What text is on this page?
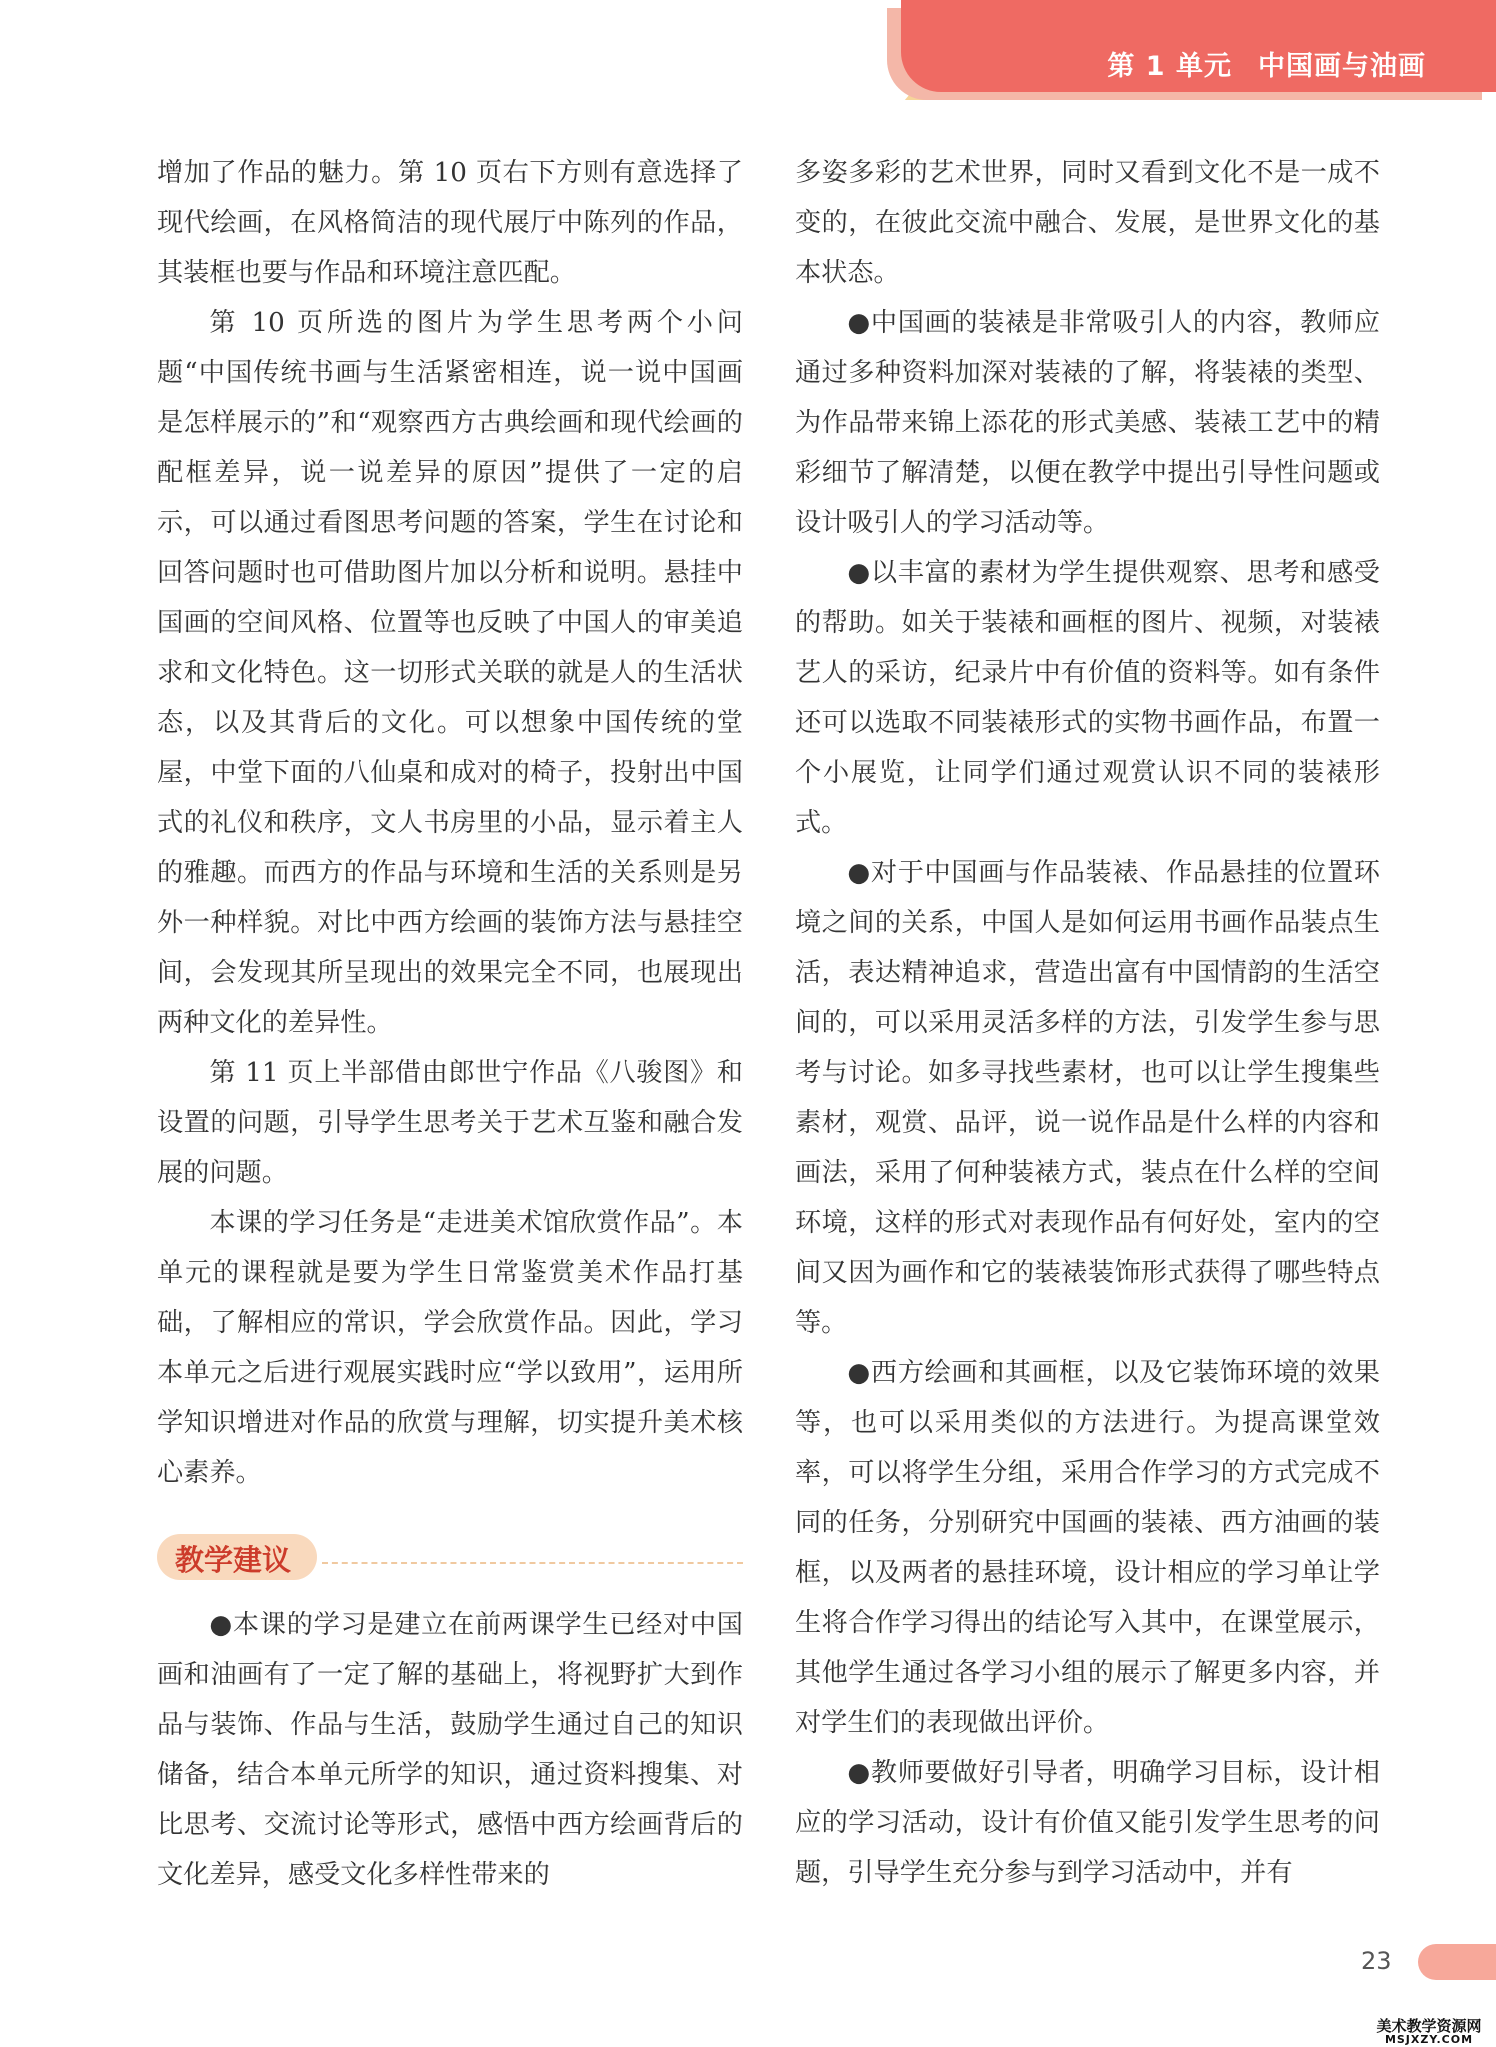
第 1 单元 中国画与油画

增加了作品的魅力。第 10 页右下方则有意选择了现代绘画，在风格简洁的现代展厅中陈列的作品，其装框也要与作品和环境注意匹配。

第 10 页所选的图片为学生思考两个小问题“中国传统书画与生活紧密相连，说一说中国画是怎样展示的”和“观察西方古典绘画和现代绘画的配框差异，说一说差异的原因”提供了一定的启示，可以通过看图思考问题的答案，学生在讨论和回答问题时也可借助图片加以分析和说明。悬挂中国画的空间风格、位置等也反映了中国人的审美追求和文化特色。这一切形式关联的就是人的生活状态，以及其背后的文化。可以想象中国传统的堂屋，中堂下面的八仙桌和成对的椅子，投射出中国式的礼仪和秩序，文人书房里的小品，显示着主人的雅趣。而西方的作品与环境和生活的关系则是另外一种样貌。对比中西方绘画的装饰方法与悬挂空间，会发现其所呈现出的效果完全不同，也展现出两种文化的差异性。

第 11 页上半部借由郎世宁作品《八骏图》和设置的问题，引导学生思考关于艺术互鉴和融合发展的问题。

本课的学习任务是“走进美术馆欣赏作品”。本单元的课程就是要为学生日常鉴赏美术作品打基础，了解相应的常识，学会欣赏作品。因此，学习本单元之后进行观展实践时应“学以致用”，运用所学知识增进对作品的欣赏与理解，切实提升美术核心素养。

教学建议

●本课的学习是建立在前两课学生已经对中国画和油画有了一定了解的基础上，将视野扩大到作品与装饰、作品与生活，鼓励学生通过自己的知识储备，结合本单元所学的知识，通过资料搜集、对比思考、交流讨论等形式，感悟中西方绘画背后的文化差异，感受文化多样性带来的

多姿多彩的艺术世界，同时又看到文化不是一成不变的，在彼此交流中融合、发展，是世界文化的基本状态。

●中国画的装裱是非常吸引人的内容，教师应通过多种资料加深对装裱的了解，将装裱的类型、为作品带来锦上添花的形式美感、装裱工艺中的精彩细节了解清楚，以便在教学中提出引导性问题或设计吸引人的学习活动等。

●以丰富的素材为学生提供观察、思考和感受的帮助。如关于装裱和画框的图片、视频，对装裱艺人的采访，纪录片中有价值的资料等。如有条件还可以选取不同装裱形式的实物书画作品，布置一个小展览，让同学们通过观赏认识不同的装裱形式。

●对于中国画与作品装裱、作品悬挂的位置环境之间的关系，中国人是如何运用书画作品装点生活，表达精神追求，营造出富有中国情韵的生活空间的，可以采用灵活多样的方法，引发学生参与思考与讨论。如多寻找些素材，也可以让学生搜集些素材，观赏、品评，说一说作品是什么样的内容和画法，采用了何种装裱方式，装点在什么样的空间环境，这样的形式对表现作品有何好处，室内的空间又因为画作和它的装裱装饰形式获得了哪些特点等。

●西方绘画和其画框，以及它装饰环境的效果等，也可以采用类似的方法进行。为提高课堂效率，可以将学生分组，采用合作学习的方式完成不同的任务，分别研究中国画的装裱、西方油画的装框，以及两者的悬挂环境，设计相应的学习单让学生将合作学习得出的结论写入其中，在课堂展示，其他学生通过各学习小组的展示了解更多内容，并对学生们的表现做出评价。

●教师要做好引导者，明确学习目标，设计相应的学习活动，设计有价值又能引发学生思考的问题，引导学生充分参与到学习活动中，并有

23
美术教学资源网
MSJXZY.COM
